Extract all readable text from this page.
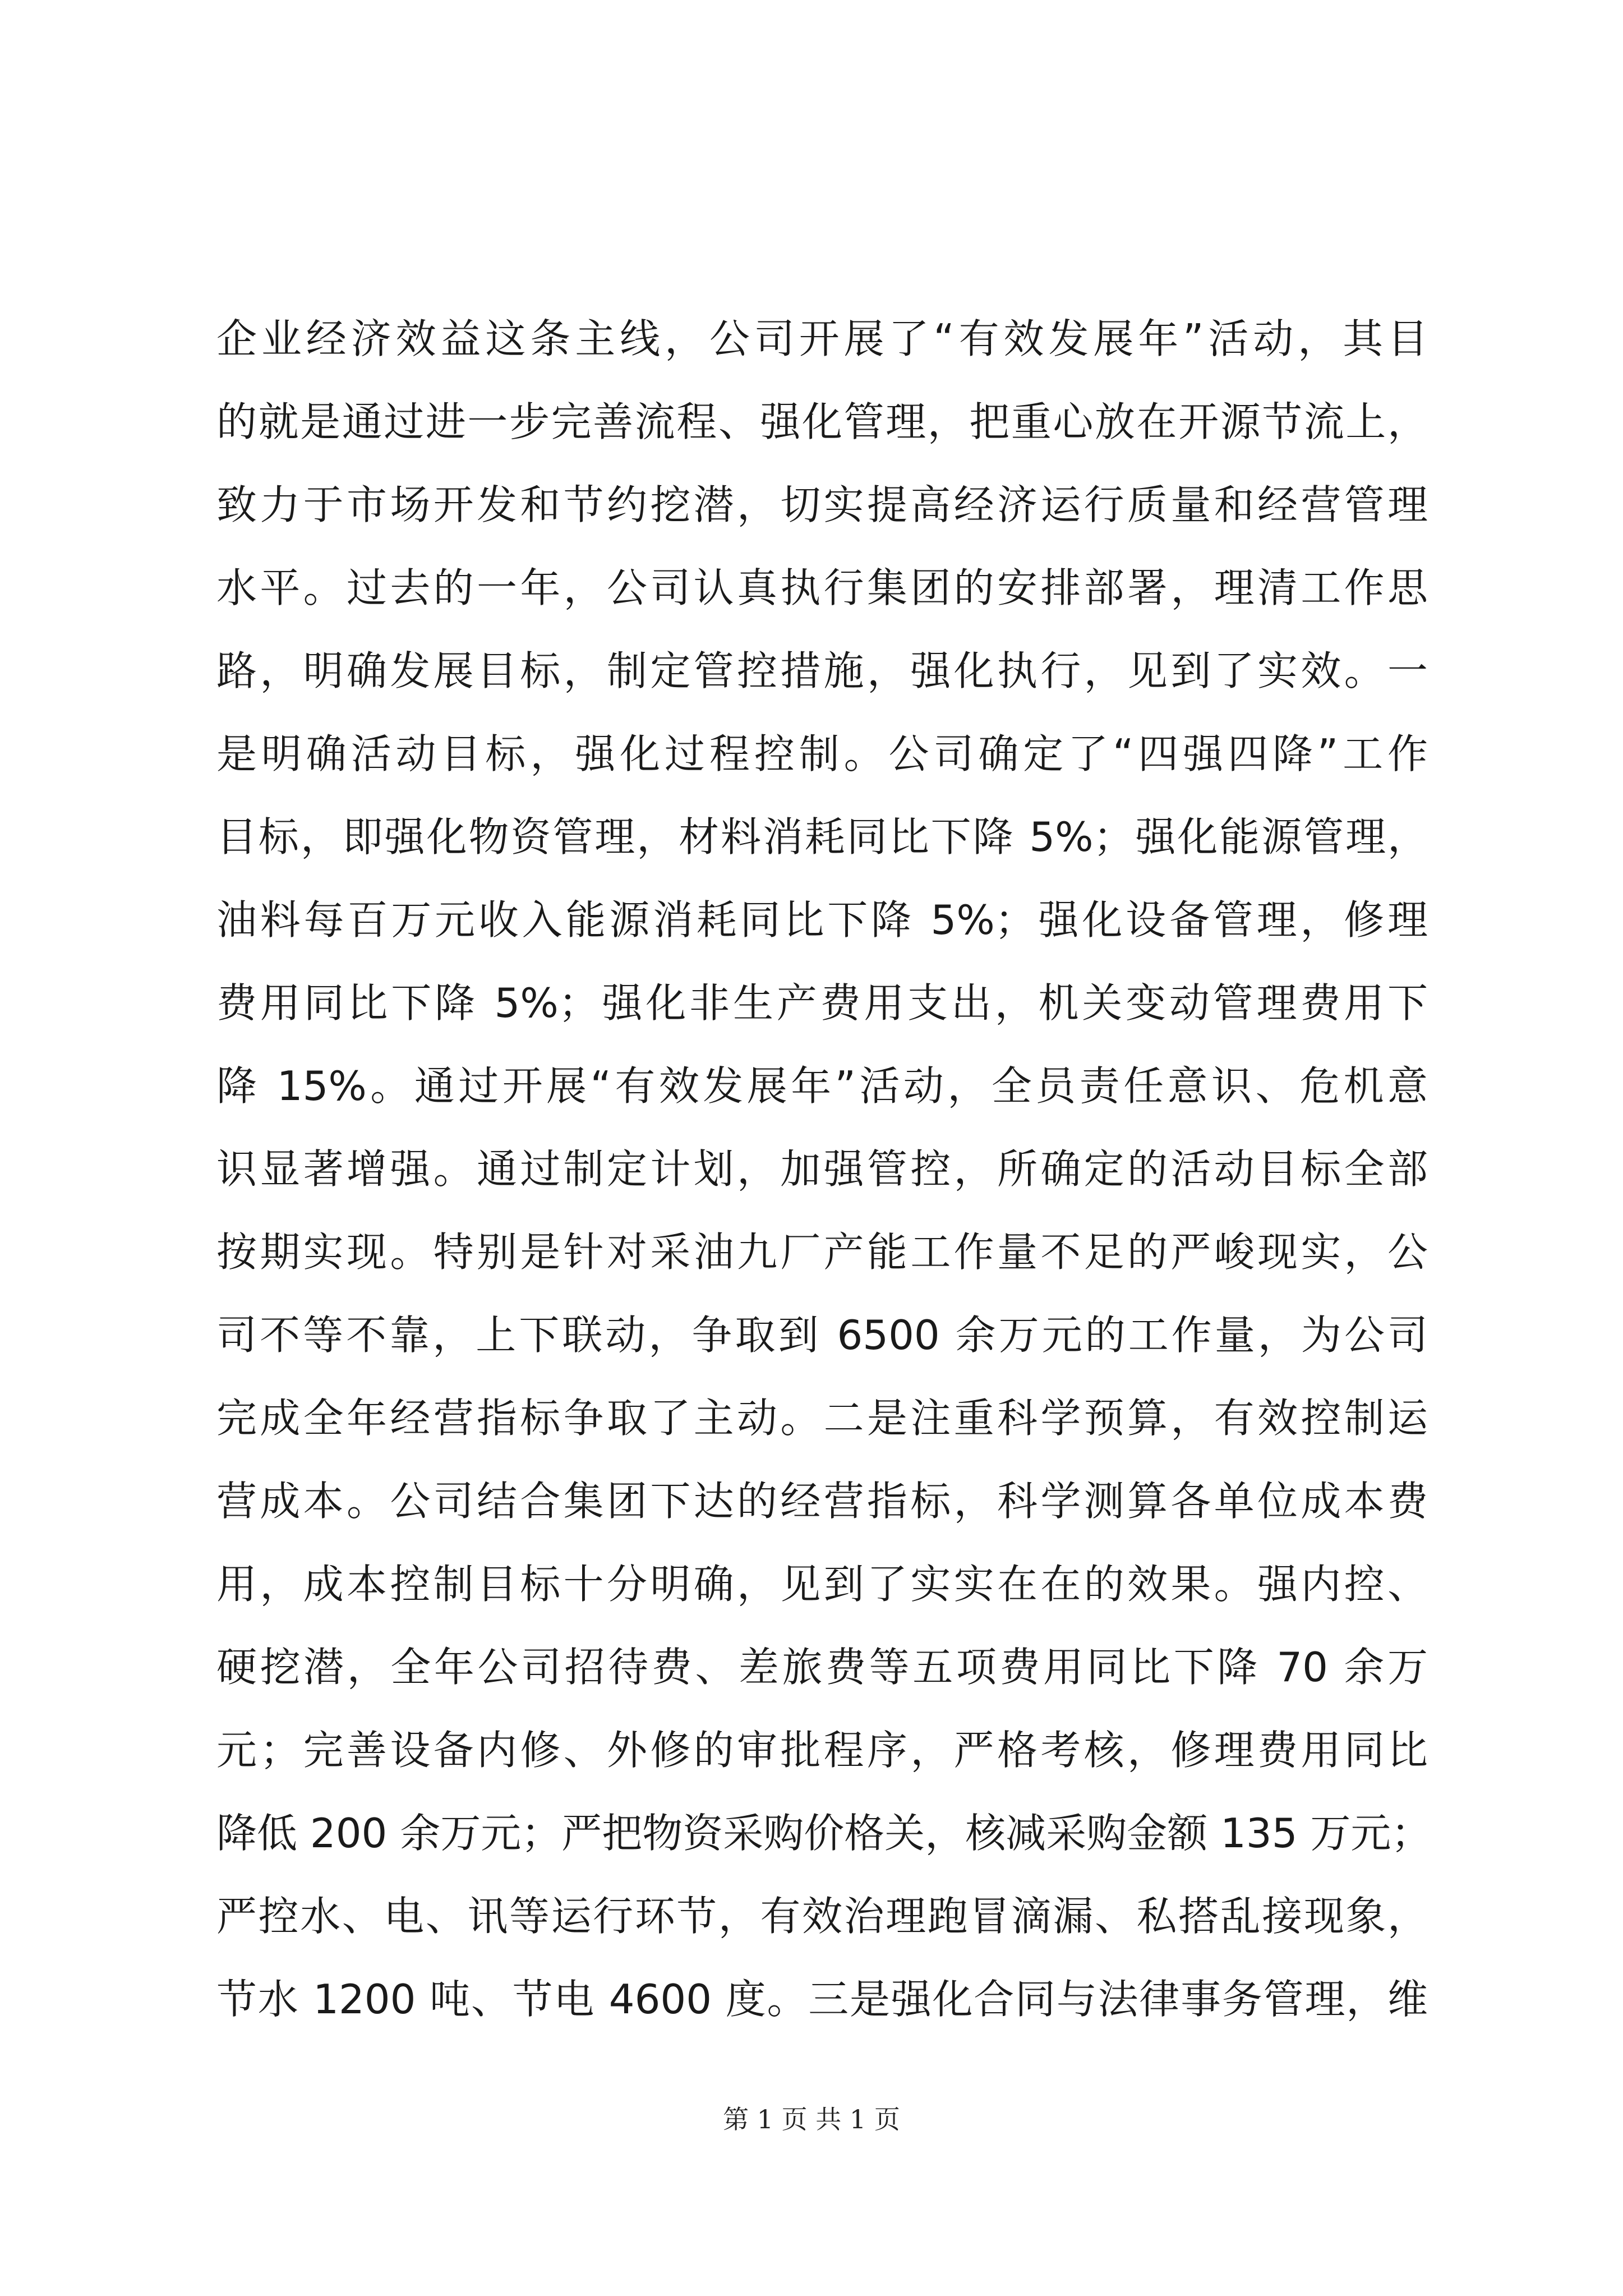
企业经济效益这条主线，公司开展了“有效发展年”活动，其目
的就是通过进一步完善流程、强化管理，把重心放在开源节流上，
致力于市场开发和节约挖潜，切实提高经济运行质量和经营管理
水平。过去的一年，公司认真执行集团的安排部署，理清工作思
路，明确发展目标，制定管控措施，强化执行，见到了实效。一
是明确活动目标，强化过程控制。公司确定了“四强四降”工作
目标，即强化物资管理，材料消耗同比下降 5%；强化能源管理，
油料每百万元收入能源消耗同比下降 5%；强化设备管理，修理
费用同比下降 5%；强化非生产费用支出，机关变动管理费用下
降 15%。通过开展“有效发展年”活动，全员责任意识、危机意
识显著增强。通过制定计划，加强管控，所确定的活动目标全部
按期实现。特别是针对采油九厂产能工作量不足的严峻现实，公
司不等不靠，上下联动，争取到 6500 余万元的工作量，为公司
完成全年经营指标争取了主动。二是注重科学预算，有效控制运
营成本。公司结合集团下达的经营指标，科学测算各单位成本费
用，成本控制目标十分明确，见到了实实在在的效果。强内控、
硬挖潜，全年公司招待费、差旅费等五项费用同比下降 70 余万
元；完善设备内修、外修的审批程序，严格考核，修理费用同比
降低 200 余万元；严把物资采购价格关，核减采购金额 135 万元；
严控水、电、讯等运行环节，有效治理跑冒滴漏、私搭乱接现象，
节水 1200 吨、节电 4600 度。三是强化合同与法律事务管理，维
第 1 页 共 1 页
